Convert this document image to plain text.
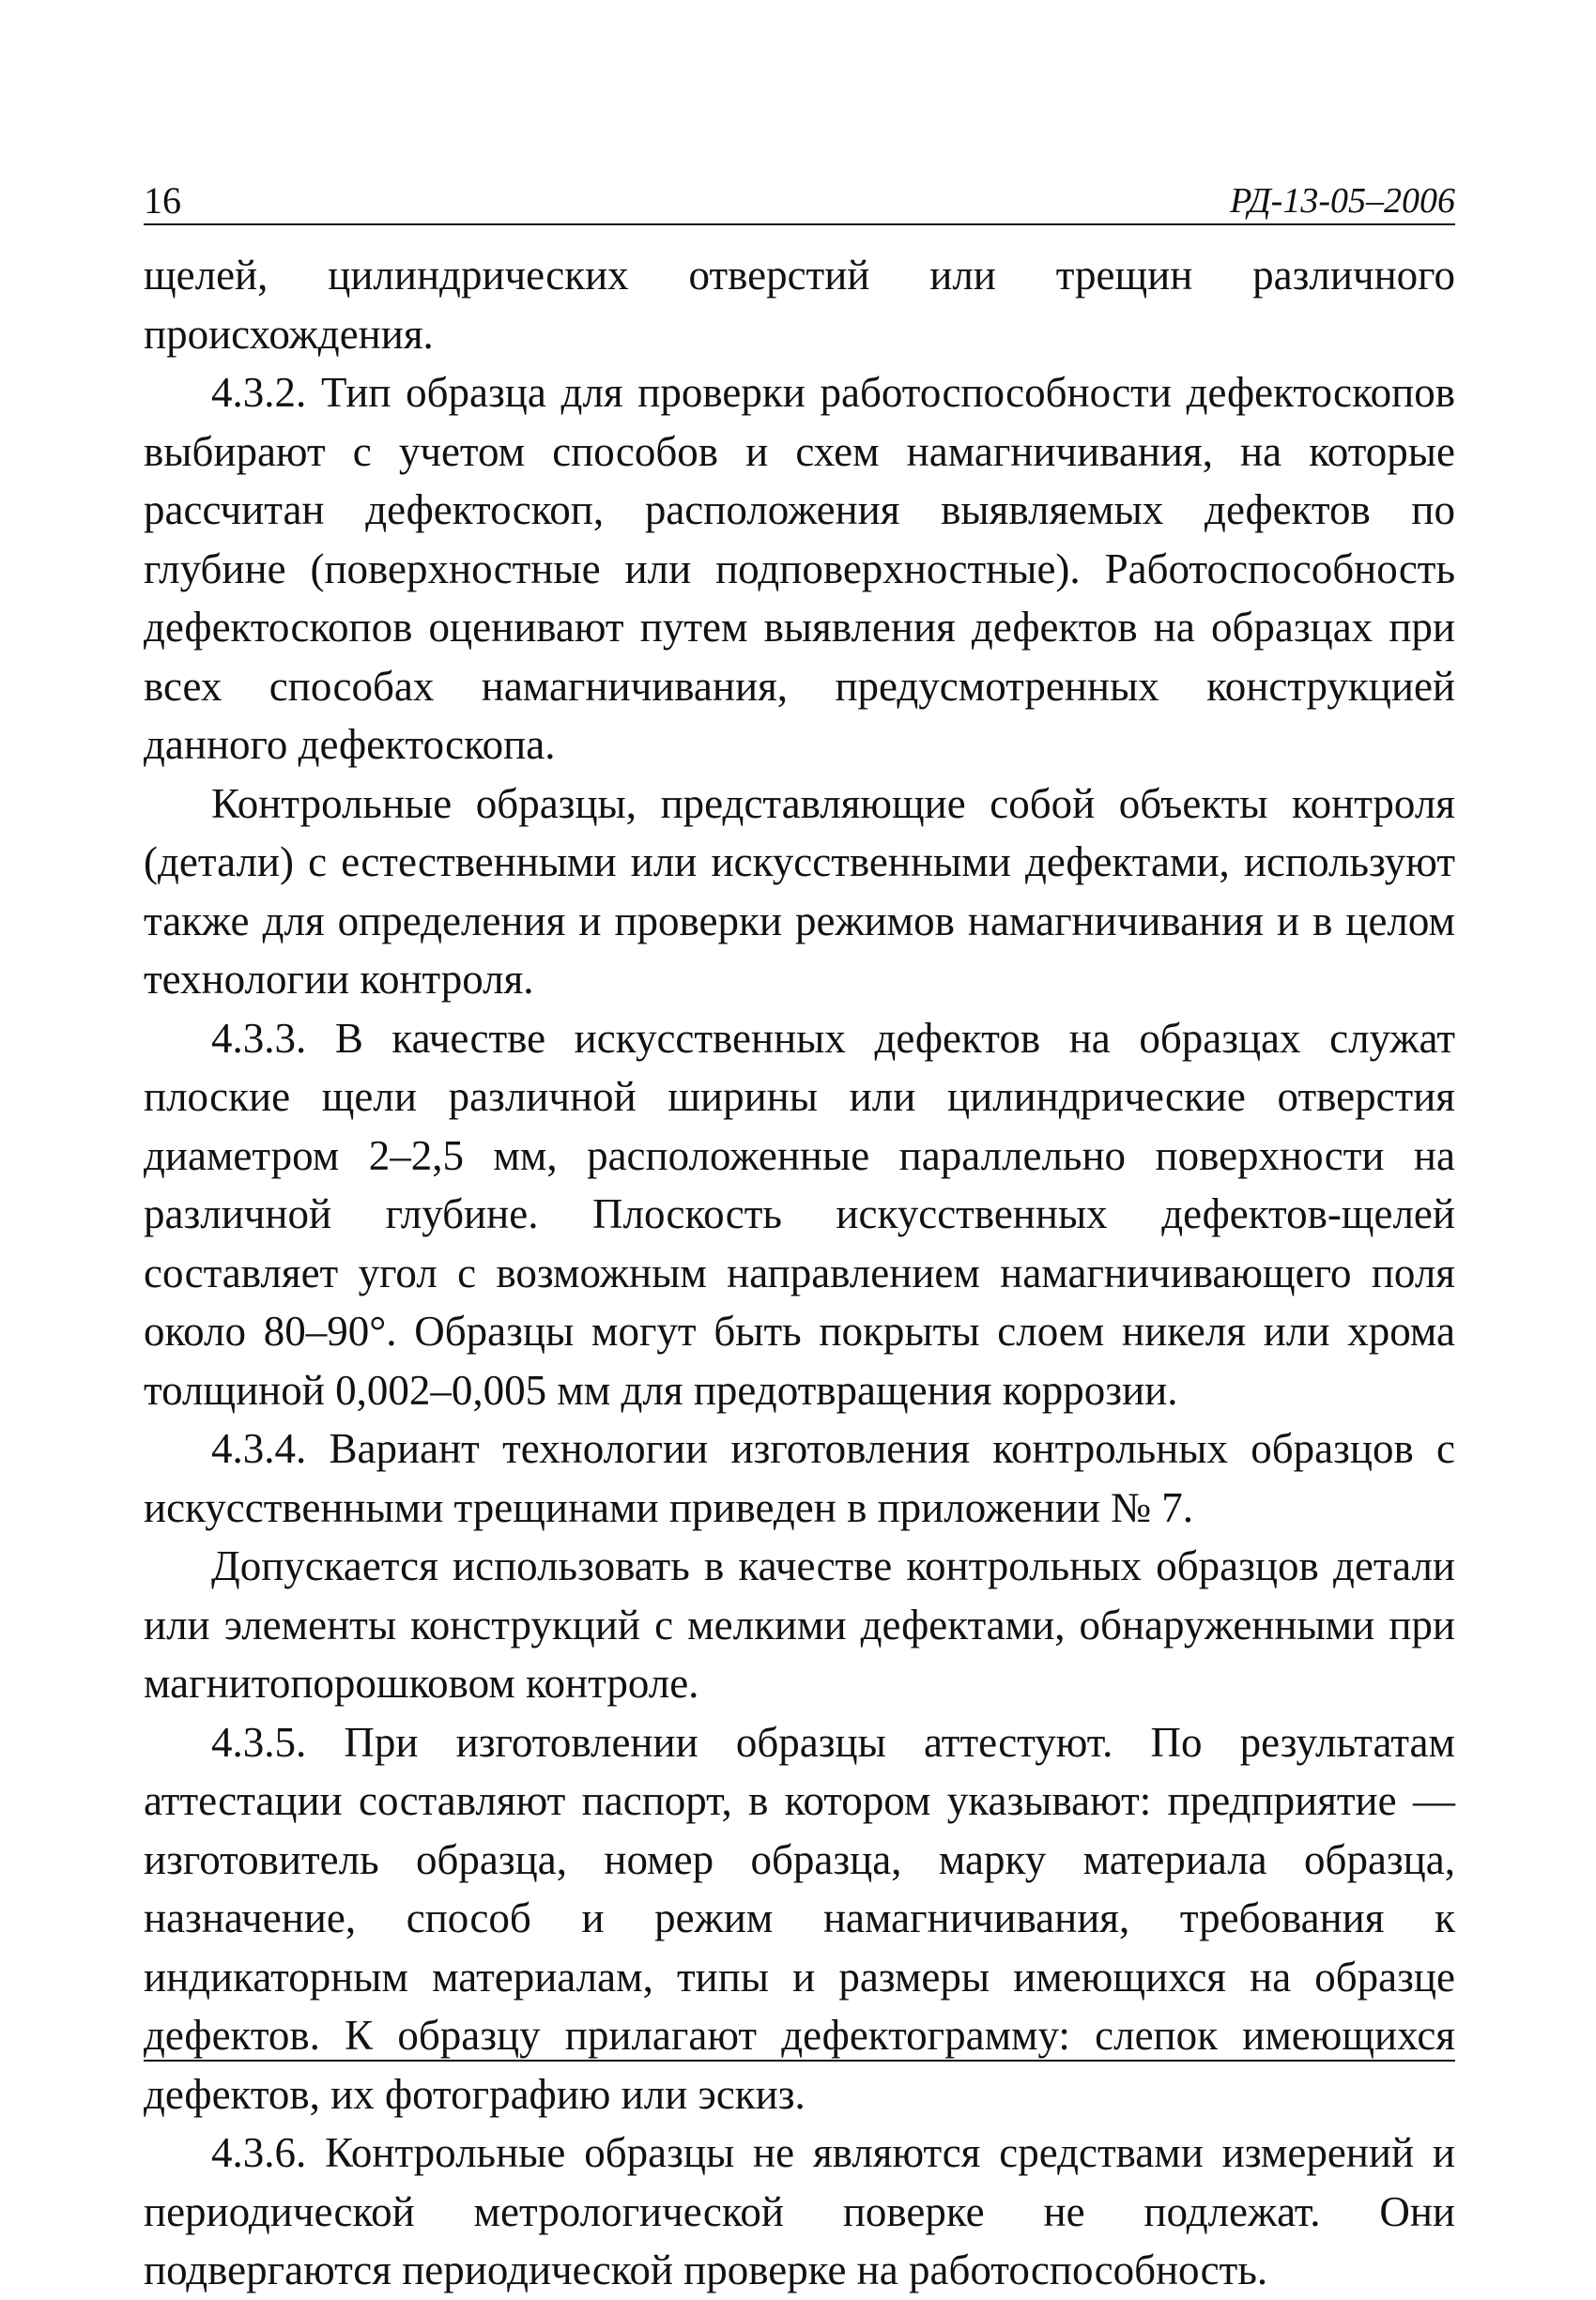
16	РД-13-05–2006

щелей, цилиндрических отверстий или трещин различного происхождения.

4.3.2. Тип образца для проверки работоспособности дефектоскопов выбирают с учетом способов и схем намагничивания, на которые рассчитан дефектоскоп, расположения выявляемых дефектов по глубине (поверхностные или подповерхностные). Работоспособность дефектоскопов оценивают путем выявления дефектов на образцах при всех способах намагничивания, предусмотренных конструкцией данного дефектоскопа.

Контрольные образцы, представляющие собой объекты контроля (детали) с естественными или искусственными дефектами, используют также для определения и проверки режимов намагничивания и в целом технологии контроля.

4.3.3. В качестве искусственных дефектов на образцах служат плоские щели различной ширины или цилиндрические отверстия диаметром 2–2,5 мм, расположенные параллельно поверхности на различной глубине. Плоскость искусственных дефектов-щелей составляет угол с возможным направлением намагничивающего поля около 80–90°. Образцы могут быть покрыты слоем никеля или хрома толщиной 0,002–0,005 мм для предотвращения коррозии.

4.3.4. Вариант технологии изготовления контрольных образцов с искусственными трещинами приведен в приложении № 7.

Допускается использовать в качестве контрольных образцов детали или элементы конструкций с мелкими дефектами, обнаруженными при магнитопорошковом контроле.

4.3.5. При изготовлении образцы аттестуют. По результатам аттестации составляют паспорт, в котором указывают: предприятие — изготовитель образца, номер образца, марку материала образца, назначение, способ и режим намагничивания, требования к индикаторным материалам, типы и размеры имеющихся на образце дефектов. К образцу прилагают дефектограмму: слепок имеющихся дефектов, их фотографию или эскиз.

4.3.6. Контрольные образцы не являются средствами измерений и периодической метрологической поверке не подлежат. Они подвергаются периодической проверке на работоспособность.
